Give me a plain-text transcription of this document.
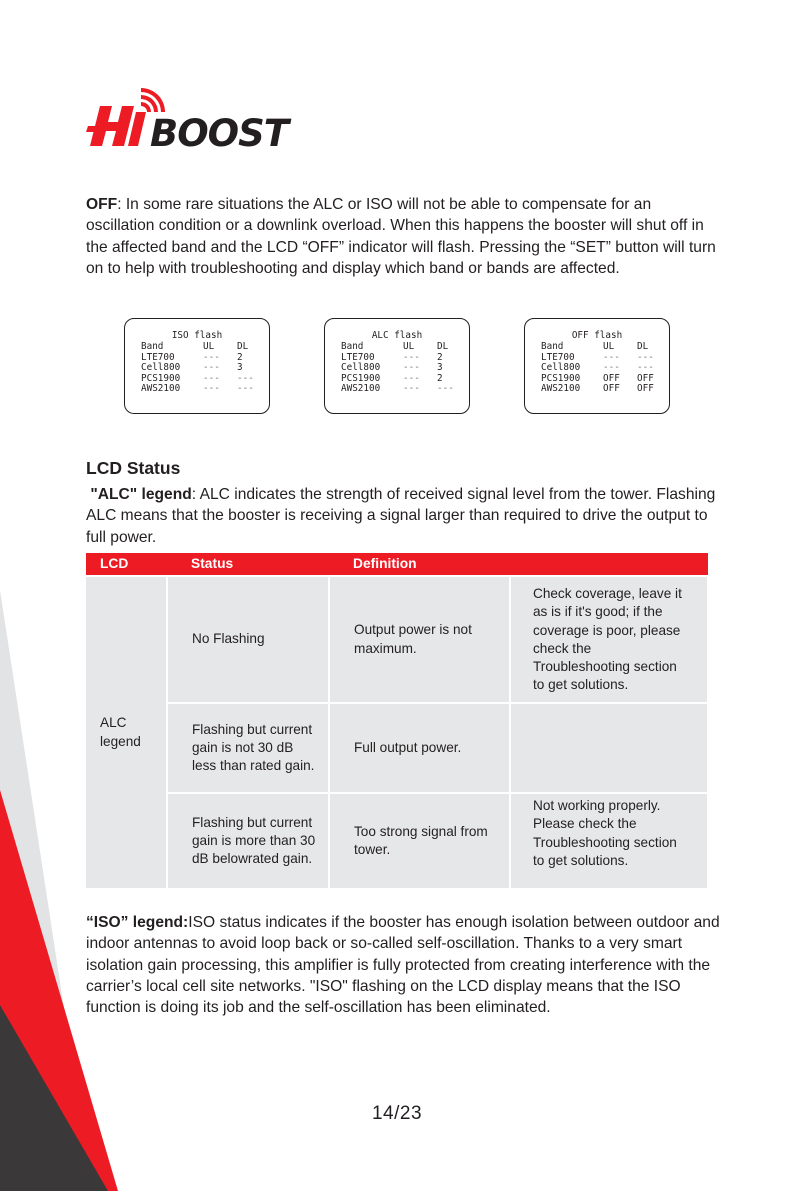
BOOST

OFF: In some rare situations the ALC or ISO will not be able to compensate for an oscillation condition or a downlink overload. When this happens the booster will shut off in the affected band and the LCD “OFF” indicator will flash. Pressing the “SET” button will turn on to help with troubleshooting and display which band or bands are affected.

ISO flash
Band	UL DL
LTE700	--- 2
Cell800 --- 3
PCS1900 --- ---
AWS2100 --- ---
ALC flash
Band	UL DL
LTE700	--- 2
Cell800 --- 3
PCS1900 --- 2
AWS2100 --- ---
OFF flash
Band	UL DL
LTE700	--- ---
Cell800 --- ---
PCS1900 OFF OFF
AWS2100 OFF OFF
LCD Status

"ALC" legend: ALC indicates the strength of received signal level from the tower. Flashing ALC means that the booster is receiving a signal larger than required to drive the output to full power.

LCD	Status	Definition	
ALC legend	No Flashing	Output power is not maximum.	Check coverage, leave it as is if it's good; if the coverage is poor, please check the Troubleshooting section to get solutions.
	Flashing but current gain is not 30 dB less than rated gain.	Full output power.	
	Flashing but current gain is more than 30 dB belowrated gain.	Too strong signal from tower.	Not working properly. Please check the Troubleshooting section to get solutions.

“ISO” legend:ISO status indicates if the booster has enough isolation between outdoor and indoor antennas to avoid loop back or so-called self-oscillation. Thanks to a very smart isolation gain processing, this amplifier is fully protected from creating interference with the carrier’s local cell site networks. "ISO" flashing on the LCD display means that the ISO function is doing its job and the self-oscillation has been eliminated.

14/23
